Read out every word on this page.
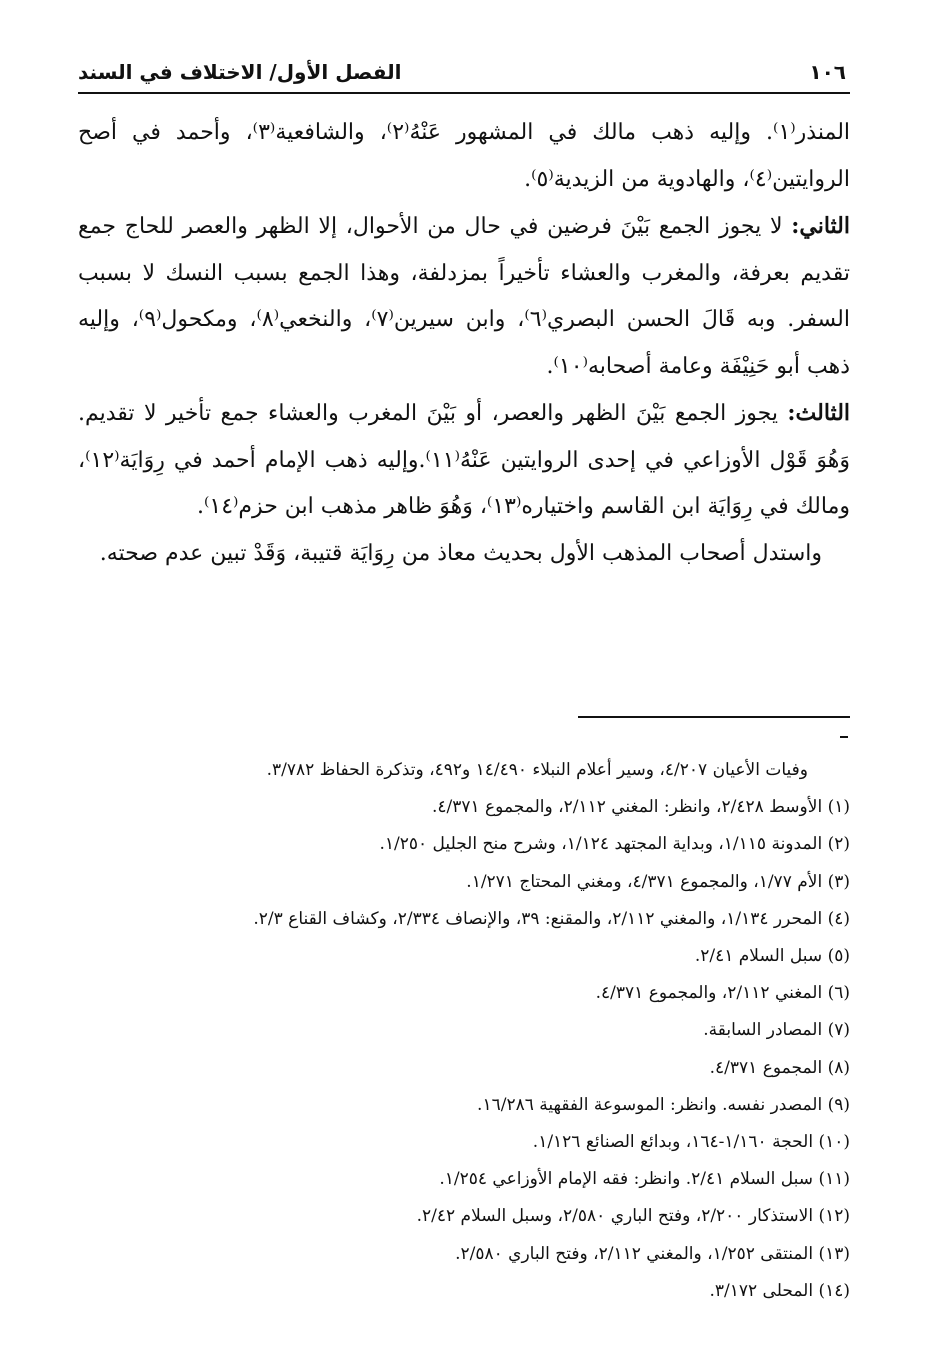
١٠٦
الفصل الأول/ الاختلاف في السند

المنذر⁽١⁾. وإليه ذهب مالك في المشهور عَنْهُ⁽٢⁾، والشافعية⁽٣⁾، وأحمد في أصح الروايتين⁽٤⁾، والهادوية من الزيدية⁽٥⁾.

الثاني: لا يجوز الجمع بَيْنَ فرضين في حال من الأحوال، إلا الظهر والعصر للحاج جمع تقديم بعرفة، والمغرب والعشاء تأخيراً بمزدلفة، وهذا الجمع بسبب النسك لا بسبب السفر. وبه قَالَ الحسن البصري⁽٦⁾، وابن سيرين⁽٧⁾، والنخعي⁽٨⁾، ومكحول⁽٩⁾، وإليه ذهب أبو حَنِيْفَة وعامة أصحابه⁽١٠⁾.

الثالث: يجوز الجمع بَيْنَ الظهر والعصر، أو بَيْنَ المغرب والعشاء جمع تأخير لا تقديم. وَهُوَ قَوْل الأوزاعي في إحدى الروايتين عَنْهُ⁽١١⁾.وإليه ذهب الإمام أحمد في رِوَايَة⁽١٢⁾، ومالك في رِوَايَة ابن القاسم واختياره⁽١٣⁾، وَهُوَ ظاهر مذهب ابن حزم⁽١٤⁾.

واستدل أصحاب المذهب الأول بحديث معاذ من رِوَايَة قتيبة، وَقَدْ تبين عدم صحته.

وفيات الأعيان ٤/٢٠٧، وسير أعلام النبلاء ١٤/٤٩٠ و٤٩٢، وتذكرة الحفاظ ٣/٧٨٢.

(١) الأوسط ٢/٤٢٨، وانظر: المغني ٢/١١٢، والمجموع ٤/٣٧١.

(٢) المدونة ١/١١٥، وبداية المجتهد ١/١٢٤، وشرح منح الجليل ١/٢٥٠.

(٣) الأم ١/٧٧، والمجموع ٤/٣٧١، ومغني المحتاج ١/٢٧١.

(٤) المحرر ١/١٣٤، والمغني ٢/١١٢، والمقنع: ٣٩، والإنصاف ٢/٣٣٤، وكشاف القناع ٢/٣.

(٥) سبل السلام ٢/٤١.

(٦) المغني ٢/١١٢، والمجموع ٤/٣٧١.

(٧) المصادر السابقة.

(٨) المجموع ٤/٣٧١.

(٩) المصدر نفسه. وانظر: الموسوعة الفقهية ١٦/٢٨٦.

(١٠) الحجة ١/١٦٠-١٦٤، وبدائع الصنائع ١/١٢٦.

(١١) سبل السلام ٢/٤١. وانظر: فقه الإمام الأوزاعي ١/٢٥٤.

(١٢) الاستذكار ٢/٢٠٠، وفتح الباري ٢/٥٨٠، وسبل السلام ٢/٤٢.

(١٣) المنتقى ١/٢٥٢، والمغني ٢/١١٢، وفتح الباري ٢/٥٨٠.

(١٤) المحلى ٣/١٧٢.
